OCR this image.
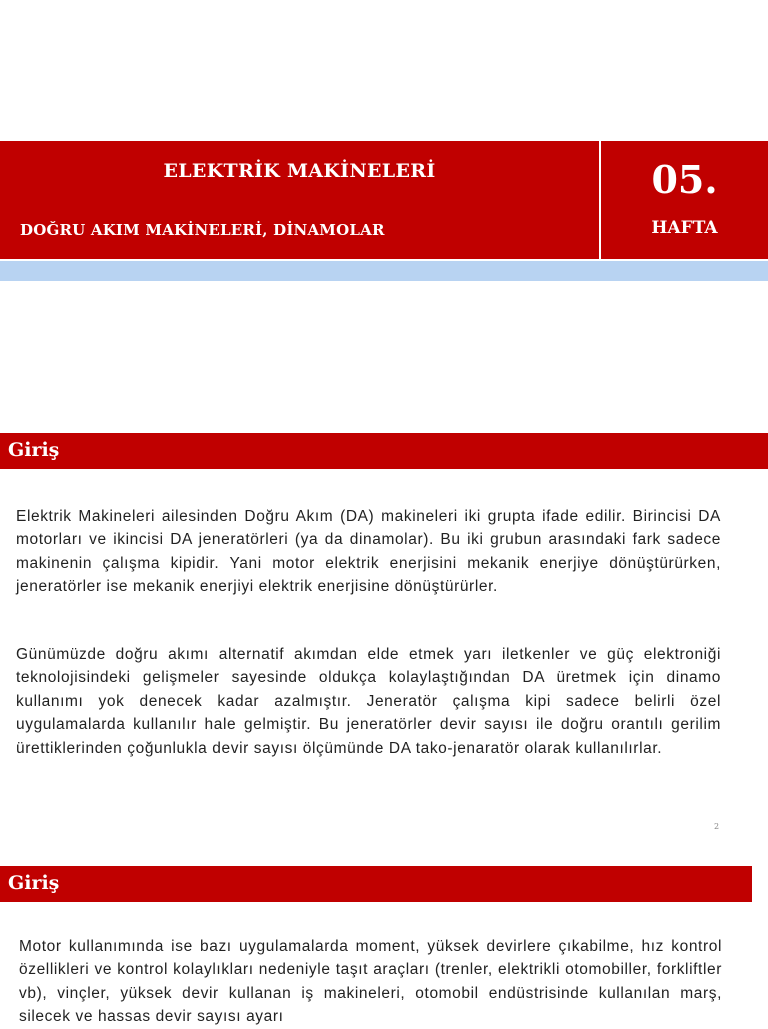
ELEKTRİK MAKİNELERİ
DOĞRU AKIM MAKİNELERİ, DİNAMOLAR
05.
HAFTA
Giriş
Elektrik Makineleri ailesinden Doğru Akım (DA) makineleri iki grupta ifade edilir. Birincisi DA motorları ve ikincisi DA jeneratörleri (ya da dinamolar). Bu iki grubun arasındaki fark sadece makinenin çalışma kipidir. Yani motor elektrik enerjisini mekanik enerjiye dönüştürürken, jeneratörler ise mekanik enerjiyi elektrik enerjisine dönüştürürler.
Günümüzde doğru akımı alternatif akımdan elde etmek yarı iletkenler ve güç elektroniği teknolojisindeki gelişmeler sayesinde oldukça kolaylaştığından DA üretmek için dinamo kullanımı yok denecek kadar azalmıştır. Jeneratör çalışma kipi sadece belirli özel uygulamalarda kullanılır hale gelmiştir. Bu jeneratörler devir sayısı ile doğru orantılı gerilim ürettiklerinden çoğunlukla devir sayısı ölçümünde DA tako-jenaratör olarak kullanılırlar.
2
Giriş
Motor kullanımında ise bazı uygulamalarda moment, yüksek devirlere çıkabilme, hız kontrol özellikleri ve kontrol kolaylıkları nedeniyle taşıt araçları (trenler, elektrikli otomobiller, forkliftler vb), vinçler, yüksek devir kullanan iş makineleri, otomobil endüstrisinde kullanılan marş, silecek ve hassas devir sayısı ayarı
